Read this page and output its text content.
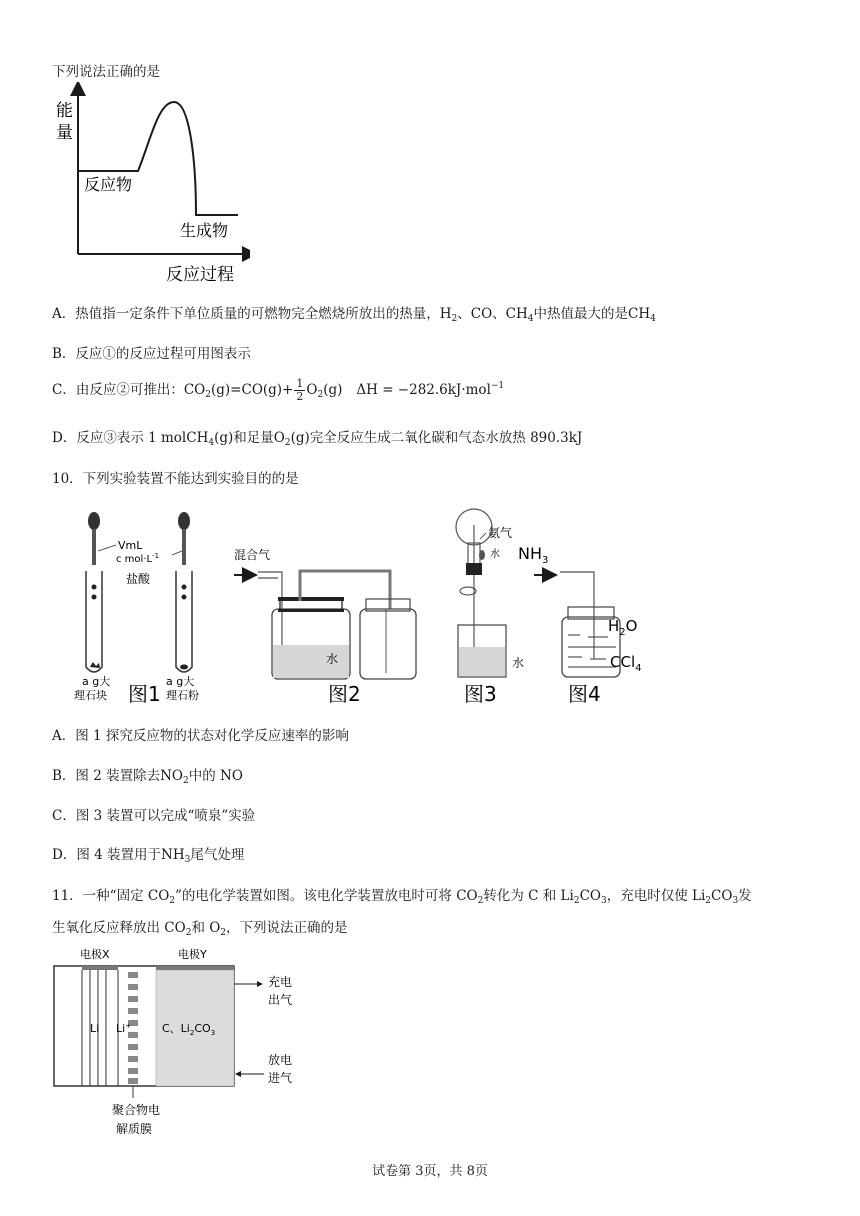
下列说法正确的是
能
量
反应物
生成物
反应过程
A．热值指一定条件下单位质量的可燃物完全燃烧所放出的热量，$H_2$、CO、$CH_4$中热值最大的是$CH_4$
B．反应①的反应过程可用图表示
C．由反应②可推出：$CO_2(g)=CO(g)+ \frac{1}{2} O_2(g) \Delta H = -282.6kJ\cdot mol^{-1}$
D．反应③表示 1 molCH$_4$(g)和足量$O_2(g)$完全反应生成二氧化碳和气态水放热 890.3kJ
10．下列实验装置不能达到实验目的的是
VmL
c $mol\cdot L^{-1}$
盐酸
a g大
理石块
a g大
理石粉
图1
混合气
水
图2
氨气
水
水
图3
$NH_3$
$H_2O$
CCl$_4$
图4
A．图 1 探究反应物的状态对化学反应速率的影响
B．图 2 装置除去$NO_2$中的 NO
C．图 3 装置可以完成“喷泉”实验
D．图 4 装置用于$NH_3$尾气处理
11．一种“固定 $CO_2$”的电化学装置如图。该电化学装置放电时可将 $CO_2$转化为 C 和 $Li_2CO_3$，充电时仅使 $Li_2CO_3$发
生氧化反应释放出 $CO_2$和 $O_2$，下列说法正确的是
电极X	电极Y
Li Li+	C、$Li_2CO_3$
充电
出气
放电
进气
聚合物电
解质膜
试卷第 3页，共 8页
